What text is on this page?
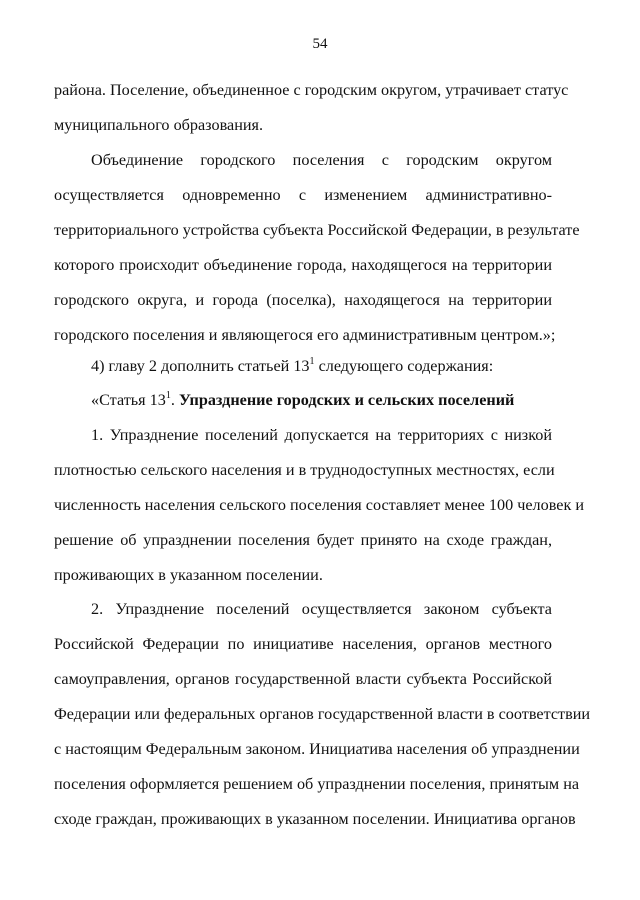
54
района. Поселение, объединенное с городским округом, утрачивает статус
муниципального образования.
Объединение городского поселения с городским округом
осуществляется одновременно с изменением административно-
территориального устройства субъекта Российской Федерации, в результате
которого происходит объединение города, находящегося на территории
городского округа, и города (поселка), находящегося на территории
городского поселения и являющегося его административным центром.»;
4) главу 2 дополнить статьей $13^1$ следующего содержания:
«Статья $13^1$. Упразднение городских и сельских поселений
1. Упразднение поселений допускается на территориях с низкой
плотностью сельского населения и в труднодоступных местностях, если
численность населения сельского поселения составляет менее 100 человек и
решение об упразднении поселения будет принято на сходе граждан,
проживающих в указанном поселении.
2. Упразднение поселений осуществляется законом субъекта
Российской Федерации по инициативе населения, органов местного
самоуправления, органов государственной власти субъекта Российской
Федерации или федеральных органов государственной власти в соответствии
с настоящим Федеральным законом. Инициатива населения об упразднении
поселения оформляется решением об упразднении поселения, принятым на
сходе граждан, проживающих в указанном поселении. Инициатива органов
